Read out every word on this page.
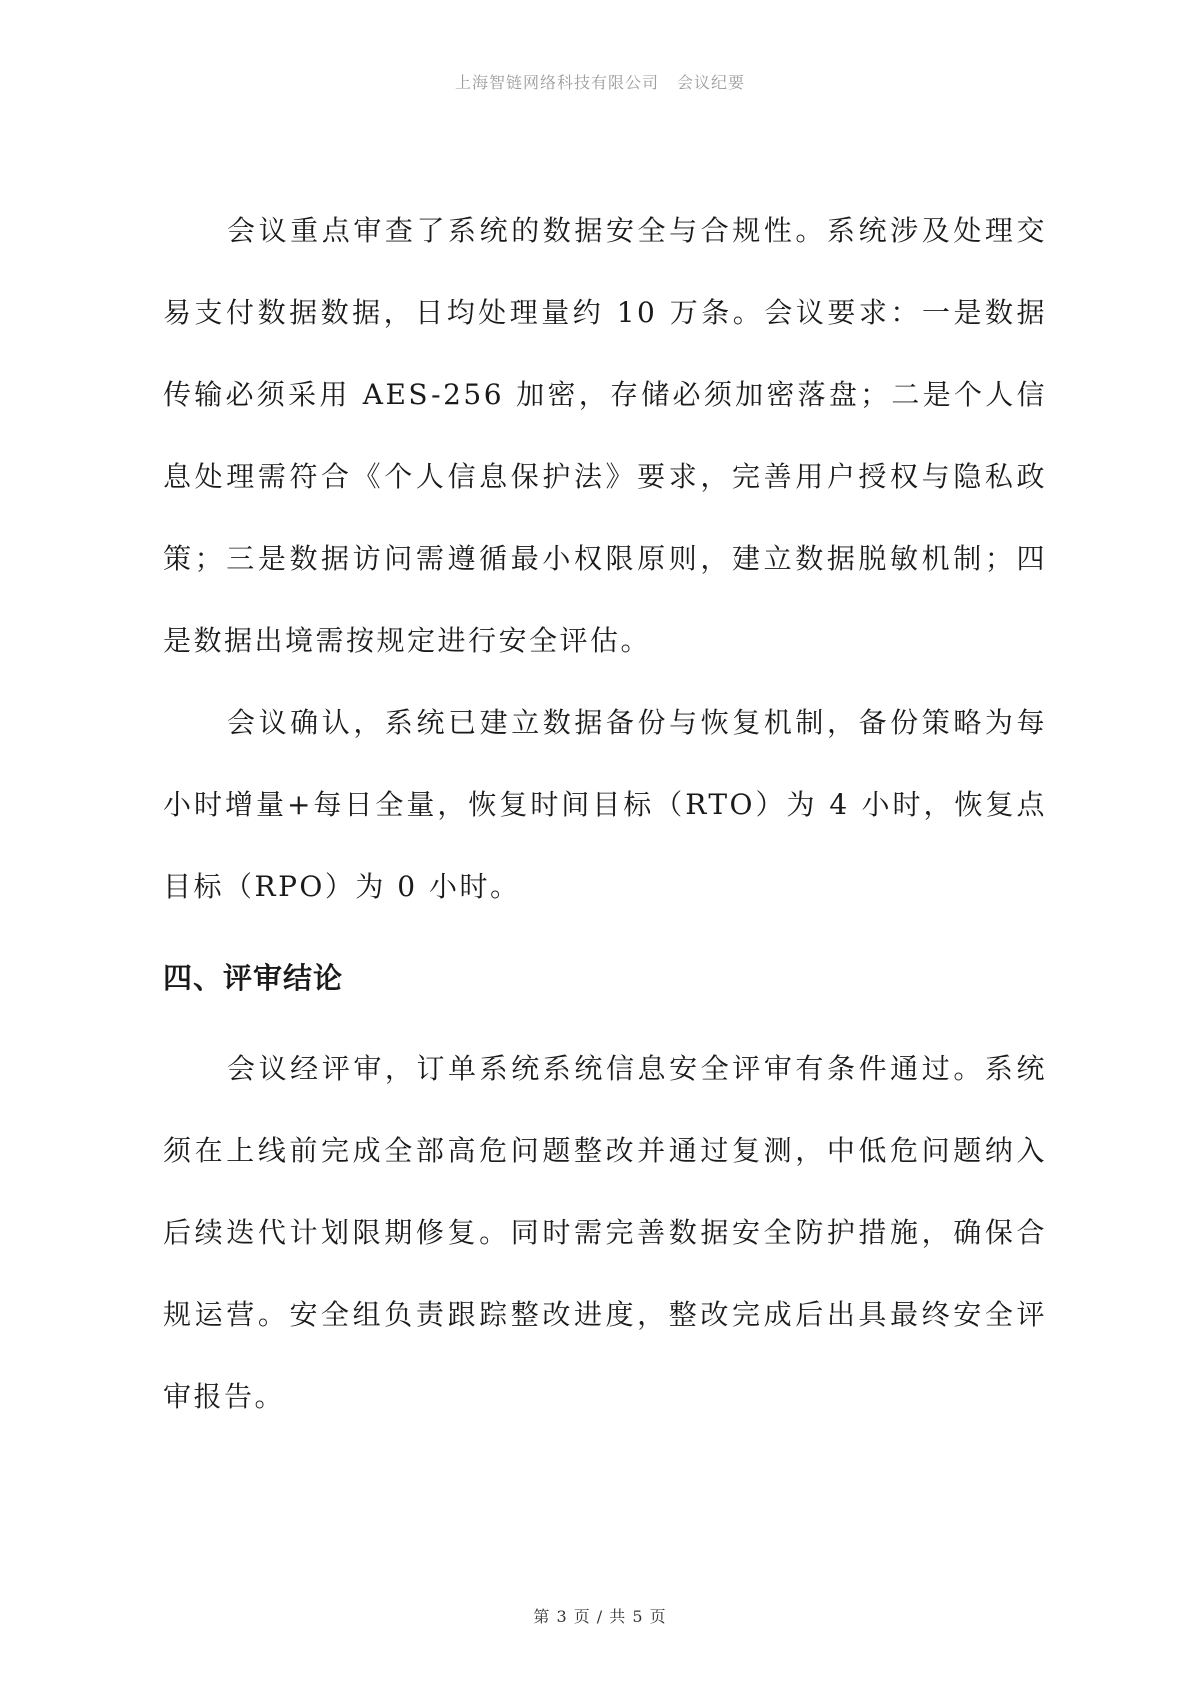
上海智链网络科技有限公司 会议纪要

会议重点审查了系统的数据安全与合规性。系统涉及处理交易支付数据数据，日均处理量约 10 万条。会议要求：一是数据传输必须采用 AES-256 加密，存储必须加密落盘；二是个人信息处理需符合《个人信息保护法》要求，完善用户授权与隐私政策；三是数据访问需遵循最小权限原则，建立数据脱敏机制；四是数据出境需按规定进行安全评估。

会议确认，系统已建立数据备份与恢复机制，备份策略为每小时增量+每日全量，恢复时间目标（RTO）为 4 小时，恢复点目标（RPO）为 0 小时。

四、评审结论

会议经评审，订单系统系统信息安全评审有条件通过。系统须在上线前完成全部高危问题整改并通过复测，中低危问题纳入后续迭代计划限期修复。同时需完善数据安全防护措施，确保合规运营。安全组负责跟踪整改进度，整改完成后出具最终安全评审报告。

第 3 页 / 共 5 页
